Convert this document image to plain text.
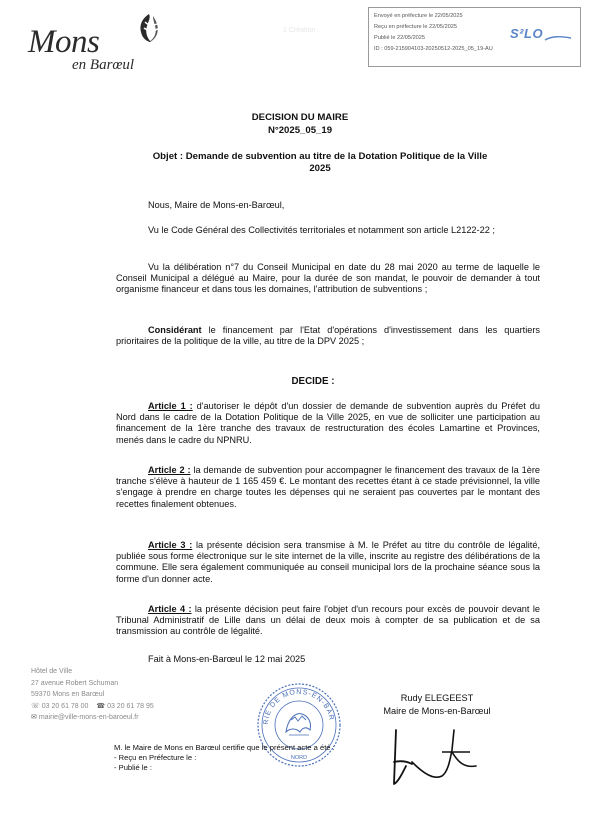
Mons
en Barœul
1 Création
Envoyé en préfecture le 22/05/2025
Reçu en préfecture le 22/05/2025
Publié le 22/05/2025
ID : 059-215904103-20250512-2025_05_19-AU
S²LO
DECISION DU MAIRE
N°2025_05_19
Objet : Demande de subvention au titre de la Dotation Politique de la Ville
2025
Nous, Maire de Mons-en-Barœul,

Vu le Code Général des Collectivités territoriales et notamment son article L2122-22 ;

Vu la délibération n°7 du Conseil Municipal en date du 28 mai 2020 au terme de laquelle le Conseil Municipal a délégué au Maire, pour la durée de son mandat, le pouvoir de demander à tout organisme financeur et dans tous les domaines, l'attribution de subventions ;

Considérant le financement par l'Etat d'opérations d'investissement dans les quartiers prioritaires de la politique de la ville, au titre de la DPV 2025 ;

DECIDE :

Article 1 : d'autoriser le dépôt d'un dossier de demande de subvention auprès du Préfet du Nord dans le cadre de la Dotation Politique de la Ville 2025, en vue de solliciter une participation au financement de la 1ère tranche des travaux de restructuration des écoles Lamartine et Provinces, menés dans le cadre du NPNRU.

Article 2 : la demande de subvention pour accompagner le financement des travaux de la 1ère tranche s'élève à hauteur de 1 165 459 €. Le montant des recettes étant à ce stade prévisionnel, la ville s'engage à prendre en charge toutes les dépenses qui ne seraient pas couvertes par le montant des recettes finalement obtenues.

Article 3 : la présente décision sera transmise à M. le Préfet au titre du contrôle de légalité, publiée sous forme électronique sur le site internet de la ville, inscrite au registre des délibérations de la commune. Elle sera également communiquée au conseil municipal lors de la prochaine séance sous la forme d'un donner acte.

Article 4 : la présente décision peut faire l'objet d'un recours pour excès de pouvoir devant le Tribunal Administratif de Lille dans un délai de deux mois à compter de sa publication et de sa transmission au contrôle de légalité.

Fait à Mons-en-Barœul le 12 mai 2025
Hôtel de Ville
27 avenue Robert Schuman
59370 Mons en Barœul
☏ 03 20 61 78 00 ☎ 03 20 61 78 95
✉ mairie@ville-mons-en-baroeul.fr
RIE DE MONS-EN-BAR
NORD
Rudy ELEGEEST
Maire de Mons-en-Barœul
M. le Maire de Mons en Barœul certifie que le présent acte a été :
- Reçu en Préfecture le :
- Publié le :
